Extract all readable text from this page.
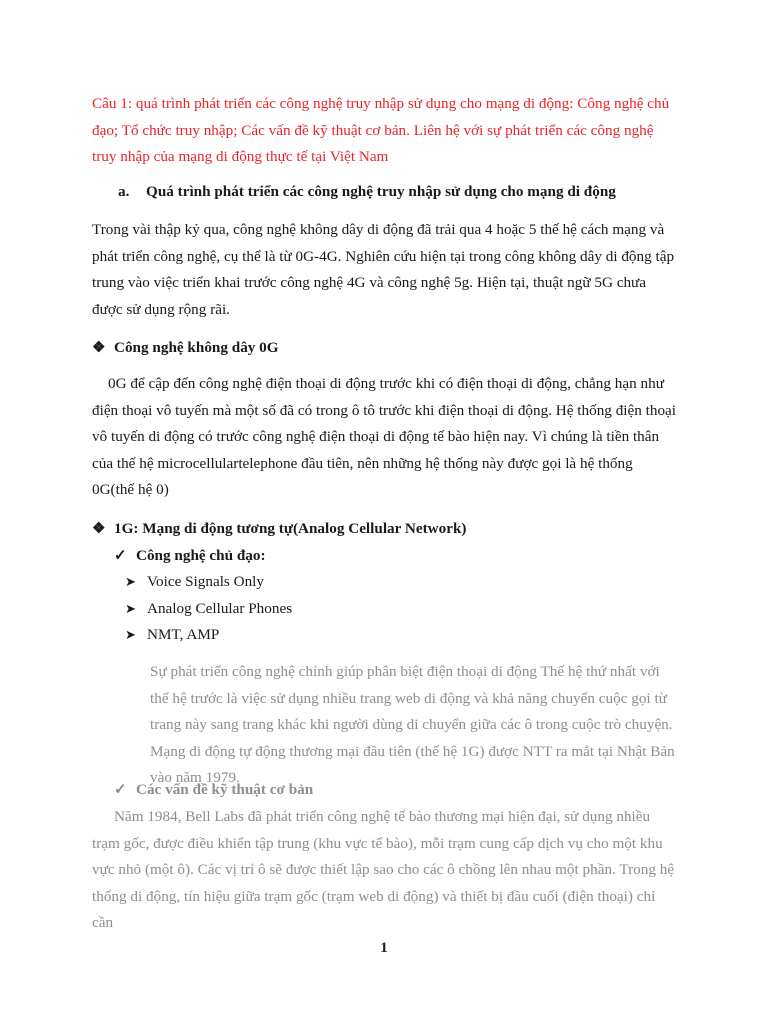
Câu 1: quá trình phát triển các công nghệ truy nhập sử dụng cho mạng di động: Công nghệ chủ đạo; Tổ chức truy nhập; Các vấn đề kỹ thuật cơ bản. Liên hệ với sự phát triển các công nghệ truy nhập của mạng di động thực tế tại Việt Nam

a. Quá trình phát triển các công nghệ truy nhập sử dụng cho mạng di động

Trong vài thập kỷ qua, công nghệ không dây di động đã trải qua 4 hoặc 5 thế hệ cách mạng và phát triển công nghệ, cụ thể là từ 0G-4G. Nghiên cứu hiện tại trong công không dây di động tập trung vào việc triển khai trước công nghệ 4G và công nghệ 5g. Hiện tại, thuật ngữ 5G chưa được sử dụng rộng rãi.

❖ Công nghệ không dây 0G

0G để cập đến công nghệ điện thoại di động trước khi có điện thoại di động, chẳng hạn như điện thoại vô tuyến mà một số đã có trong ô tô trước khi điện thoại di động. Hệ thống điện thoại vô tuyến di động có trước công nghệ điện thoại di động tế bào hiện nay. Vì chúng là tiền thân của thế hệ microcellulartelephone đầu tiên, nên những hệ thống này được gọi là hệ thống 0G(thế hệ 0)

❖ 1G: Mạng di động tương tự(Analog Cellular Network)

✓ Công nghệ chủ đạo:

➤ Voice Signals Only

➤ Analog Cellular Phones

➤ NMT, AMP

Sự phát triển công nghệ chính giúp phân biệt điện thoại di động Thế hệ thứ nhất với thế hệ trước là việc sử dụng nhiều trang web di động và khả năng chuyển cuộc gọi từ trang này sang trang khác khi người dùng di chuyển giữa các ô trong cuộc trò chuyện. Mạng di động tự động thương mại đầu tiên (thế hệ 1G) được NTT ra mắt tại Nhật Bản vào năm 1979.

✓ Các vấn đề kỹ thuật cơ bản

Năm 1984, Bell Labs đã phát triển công nghệ tế bào thương mại hiện đại, sử dụng nhiều trạm gốc, được điều khiển tập trung (khu vực tế bào), mỗi trạm cung cấp dịch vụ cho một khu vực nhỏ (một ô). Các vị trí ô sẽ được thiết lập sao cho các ô chồng lên nhau một phần. Trong hệ thống di động, tín hiệu giữa trạm gốc (trạm web di động) và thiết bị đầu cuối (điện thoại) chỉ cần

1
